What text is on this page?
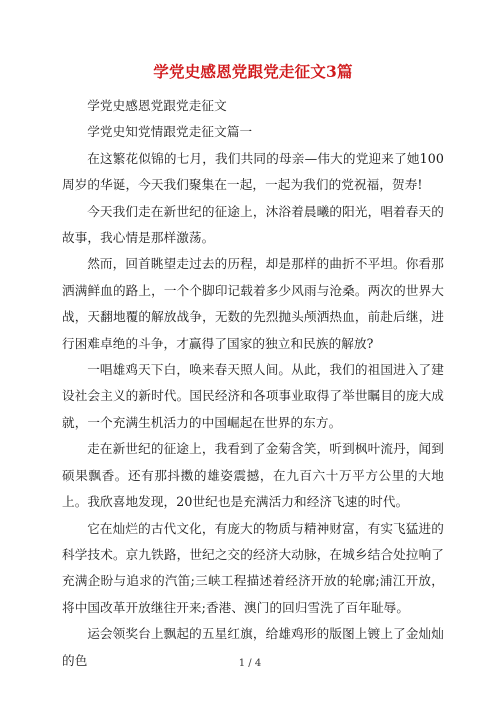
学党史感恩党跟党走征文3篇

学党史感恩党跟党走征文

学党史知党情跟党走征文篇一

在这繁花似锦的七月，我们共同的母亲—伟大的党迎来了她100周岁的华诞，今天我们聚集在一起，一起为我们的党祝福，贺寿!

今天我们走在新世纪的征途上，沐浴着晨曦的阳光，唱着春天的故事，我心情是那样激荡。

然而，回首眺望走过去的历程，却是那样的曲折不平坦。你看那洒满鲜血的路上，一个个脚印记载着多少风雨与沧桑。两次的世界大战，天翻地覆的解放战争，无数的先烈抛头颅洒热血，前赴后继，进行困难卓绝的斗争，才赢得了国家的独立和民族的解放?

一唱雄鸡天下白，唤来春天照人间。从此，我们的祖国进入了建设社会主义的新时代。国民经济和各项事业取得了举世瞩目的庞大成就，一个充满生机活力的中国崛起在世界的东方。

走在新世纪的征途上，我看到了金菊含笑，听到枫叶流丹，闻到硕果飘香。还有那抖擞的雄姿震撼，在九百六十万平方公里的大地上。我欣喜地发现，20世纪也是充满活力和经济飞速的时代。

它在灿烂的古代文化，有庞大的物质与精神财富，有实飞猛进的科学技术。京九铁路，世纪之交的经济大动脉，在城乡结合处拉响了充满企盼与追求的汽笛;三峡工程描述着经济开放的轮廓;浦江开放，将中国改革开放继往开来;香港、澳门的回归雪洗了百年耻辱。

运会领奖台上飘起的五星红旗，给雄鸡形的版图上镀上了金灿灿的色	1 / 4
